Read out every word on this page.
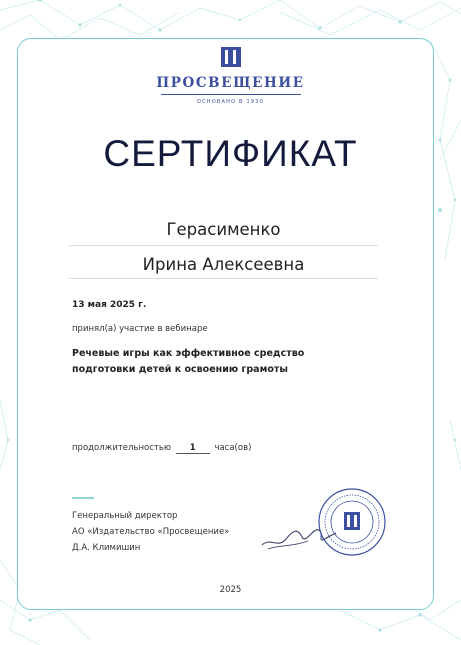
ПРОСВЕЩЕНИЕ
ОСНОВАНО В 1930
СЕРТИФИКАТ
Герасименко
Ирина Алексеевна
13 мая 2025 г.
принял(а) участие в вебинаре
Речевые игры как эффективное средство
подготовки детей к освоению грамоты
продолжительностью 1 часа(ов)
Генеральный директор
АО «Издательство «Просвещение»
Д.А. Климишин
2025
